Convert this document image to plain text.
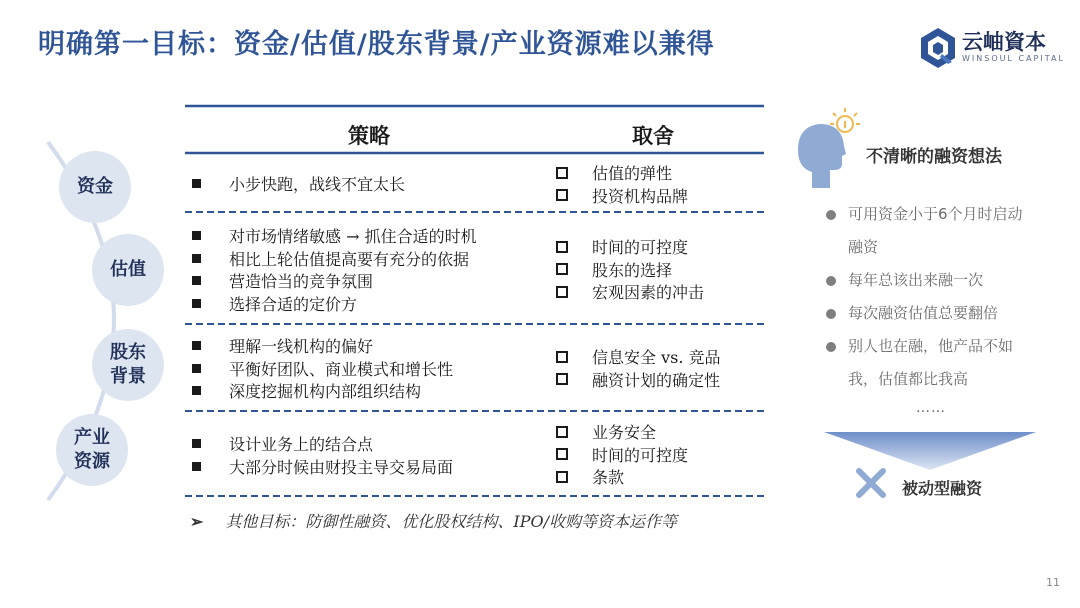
明确第一目标：资金/估值/股东背景/产业资源难以兼得	云岫資本
WINSOUL CAPITAL
资金
估值
股东
背景
产业
资源
策略	取舍
小步快跑，战线不宜太长
估值的弹性
投资机构品牌
对市场情绪敏感 → 抓住合适的时机
相比上轮估值提高要有充分的依据
营造恰当的竞争氛围
选择合适的定价方
时间的可控度
股东的选择
宏观因素的冲击
理解一线机构的偏好
平衡好团队、商业模式和增长性
深度挖掘机构内部组织结构
信息安全 vs. 竞品
融资计划的确定性
设计业务上的结合点
大部分时候由财投主导交易局面
业务安全
时间的可控度
条款
➢ 其他目标：防御性融资、优化股权结构、IPO/收购等资本运作等
不清晰的融资想法
可用资金小于6个月时启动融资
每年总该出来融一次
每次融资估值总要翻倍
别人也在融，他产品不如我，估值都比我高
……
被动型融资
11
